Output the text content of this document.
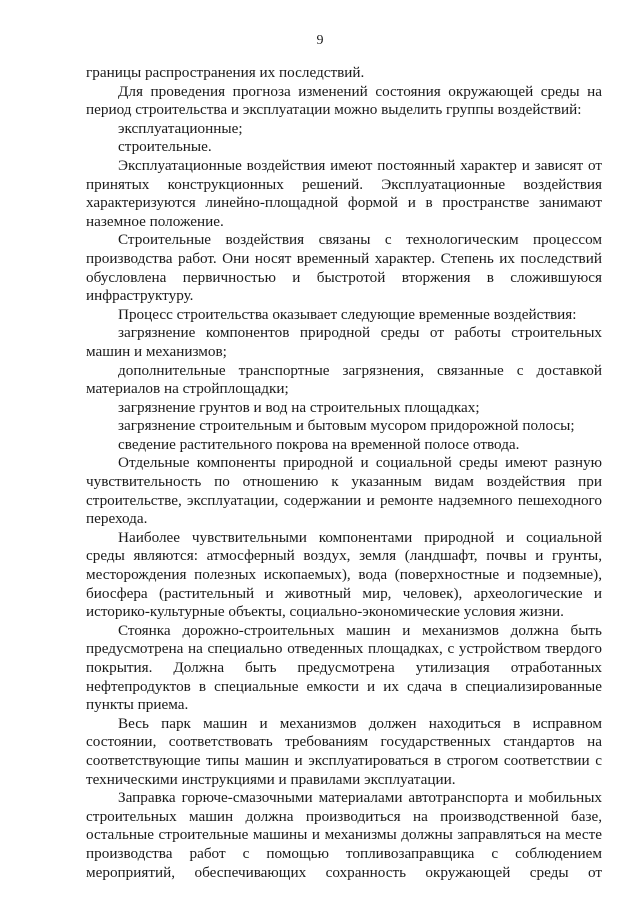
9

границы распространения их последствий.

Для проведения прогноза изменений состояния окружающей среды на период строительства и эксплуатации можно выделить группы воздействий:

эксплуатационные;

строительные.

Эксплуатационные воздействия имеют постоянный характер и зависят от принятых конструкционных решений. Эксплуатационные воздействия характеризуются линейно-площадной формой и в пространстве занимают наземное положение.

Строительные воздействия связаны с технологическим процессом производства работ. Они носят временный характер. Степень их последствий обусловлена первичностью и быстротой вторжения в сложившуюся инфраструктуру.

Процесс строительства оказывает следующие временные воздействия:

загрязнение компонентов природной среды от работы строительных машин и механизмов;

дополнительные транспортные загрязнения, связанные с доставкой материалов на стройплощадки;

загрязнение грунтов и вод на строительных площадках;

загрязнение строительным и бытовым мусором придорожной полосы;

сведение растительного покрова на временной полосе отвода.

Отдельные компоненты природной и социальной среды имеют разную чувствительность по отношению к указанным видам воздействия при строительстве, эксплуатации, содержании и ремонте надземного пешеходного перехода.

Наиболее чувствительными компонентами природной и социальной среды являются: атмосферный воздух, земля (ландшафт, почвы и грунты, месторождения полезных ископаемых), вода (поверхностные и подземные), биосфера (растительный и животный мир, человек), археологические и историко-культурные объекты, социально-экономические условия жизни.

Стоянка дорожно-строительных машин и механизмов должна быть предусмотрена на специально отведенных площадках, с устройством твердого покрытия. Должна быть предусмотрена утилизация отработанных нефтепродуктов в специальные емкости и их сдача в специализированные пункты приема.

Весь парк машин и механизмов должен находиться в исправном состоянии, соответствовать требованиям государственных стандартов на соответствующие типы машин и эксплуатироваться в строгом соответствии с техническими инструкциями и правилами эксплуатации.

Заправка горюче-смазочными материалами автотранспорта и мобильных строительных машин должна производиться на производственной базе, остальные строительные машины и механизмы должны заправляться на месте производства работ с помощью топливозаправщика с соблюдением мероприятий, обеспечивающих сохранность окружающей среды от
